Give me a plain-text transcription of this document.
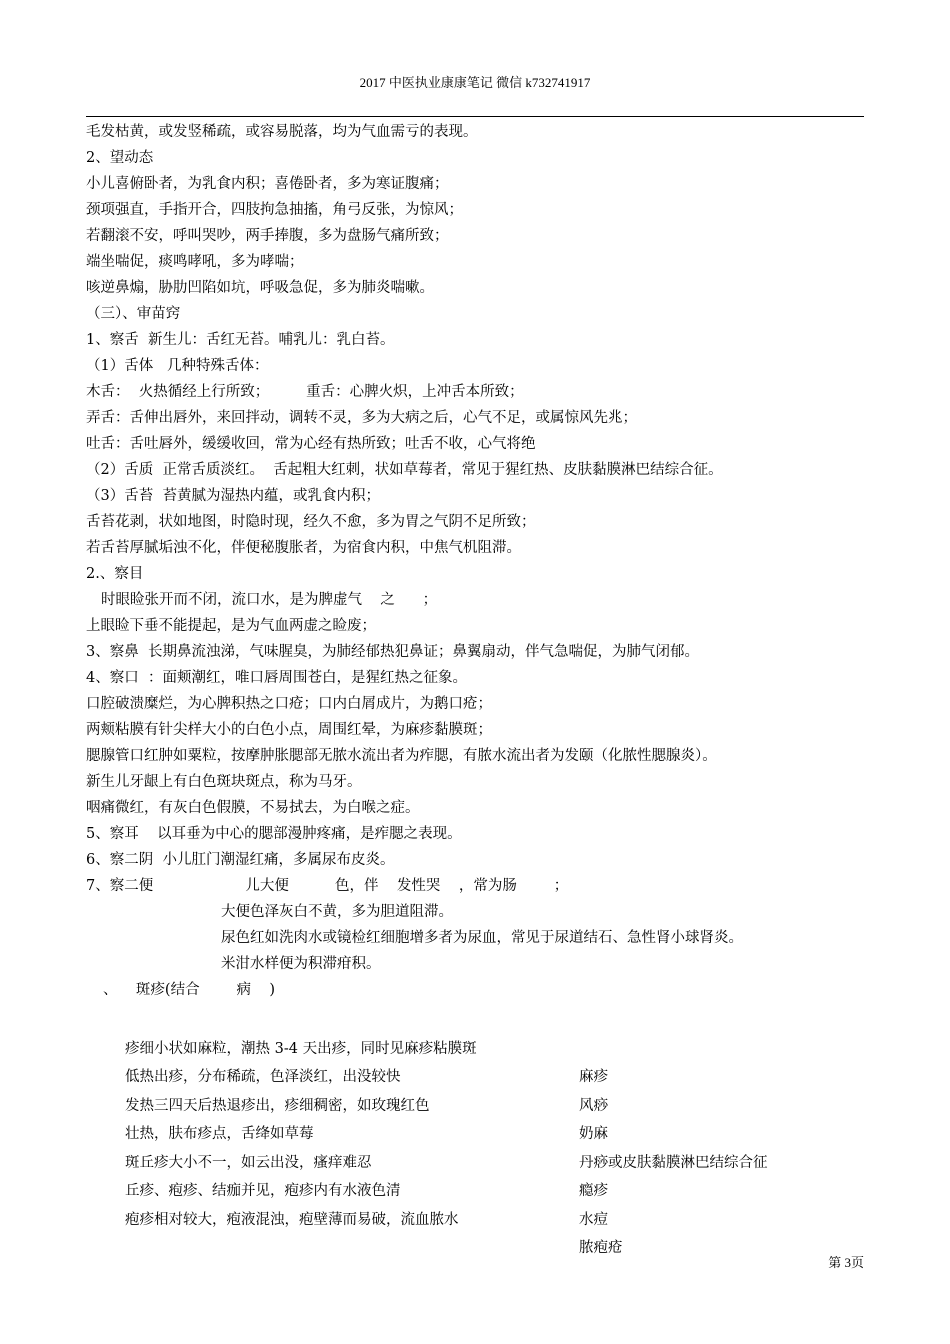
2017 中医执业康康笔记 微信 k732741917
毛发枯黄，或发竖稀疏，或容易脱落，均为气血需亏的表现。
2、望动态
小儿喜俯卧者，为乳食内积；喜倦卧者，多为寒证腹痛；
颈项强直，手指开合，四肢拘急抽搐，角弓反张，为惊风；
若翻滚不安，呼叫哭吵，两手捧腹，多为盘肠气痛所致；
端坐喘促，痰鸣哮吼，多为哮喘；
咳逆鼻煽，胁肋凹陷如坑，呼吸急促，多为肺炎喘嗽。
（三）、审苗窍
1、察舌  新生儿：舌红无苔。哺乳儿：乳白苔。
（1）舌体   几种特殊舌体：
木舌：  火热循经上行所致；        重舌：心脾火炽，上冲舌本所致；
弄舌：舌伸出唇外，来回拌动，调转不灵，多为大病之后，心气不足，或属惊风先兆；
吐舌：舌吐唇外，缓缓收回，常为心经有热所致；吐舌不收，心气将绝
（2）舌质  正常舌质淡红。  舌起粗大红刺，状如草莓者，常见于猩红热、皮肤黏膜淋巴结综合征。
（3）舌苔  苔黄腻为湿热内蕴，或乳食内积；
舌苔花剥，状如地图，时隐时现，经久不愈，多为胃之气阴不足所致；
若舌苔厚腻垢浊不化，伴便秘腹胀者，为宿食内积，中焦气机阻滞。
2.、察目
时眼睑张开而不闭，流口水，是为脾虚气    之      ；
上眼睑下垂不能提起，是为气血两虚之睑废；
3、察鼻  长期鼻流浊涕，气味腥臭，为肺经郁热犯鼻证；鼻翼扇动，伴气急喘促，为肺气闭郁。
4、察口  ：面颊潮红，唯口唇周围苍白，是猩红热之征象。
口腔破溃糜烂，为心脾积热之口疮；口内白屑成片，为鹅口疮；
两颊粘膜有针尖样大小的白色小点，周围红晕，为麻疹黏膜斑；
腮腺管口红肿如粟粒，按摩肿胀腮部无脓水流出者为痄腮，有脓水流出者为发颐（化脓性腮腺炎）。
新生儿牙龈上有白色斑块斑点，称为马牙。
咽痛微红，有灰白色假膜，不易拭去，为白喉之症。
5、察耳    以耳垂为中心的腮部漫肿疼痛，是痄腮之表现。
6、察二阴  小儿肛门潮湿红痛，多属尿布皮炎。
7、察二便                    儿大便          色，伴    发性哭    ，常为肠        ；
大便色泽灰白不黄，多为胆道阻滞。
尿色红如洗肉水或镜检红细胞增多者为尿血，常见于尿道结石、急性肾小球肾炎。
米泔水样便为积滞疳积。
、    斑疹(结合        病    )

疹细小状如麻粒，潮热 3-4 天出疹，同时见麻疹粘膜斑

麻疹

低热出疹，分布稀疏，色泽淡红，出没较快

风痧

发热三四天后热退疹出，疹细稠密，如玫瑰红色

奶麻

壮热，肤布疹点，舌绛如草莓

丹痧或皮肤黏膜淋巴结综合征

斑丘疹大小不一，如云出没，瘙痒难忍

瘾疹

丘疹、疱疹、结痂并见，疱疹内有水液色清

水痘

疱疹相对较大，疱液混浊，疱壁薄而易破，流血脓水

脓疱疮

第 3页
